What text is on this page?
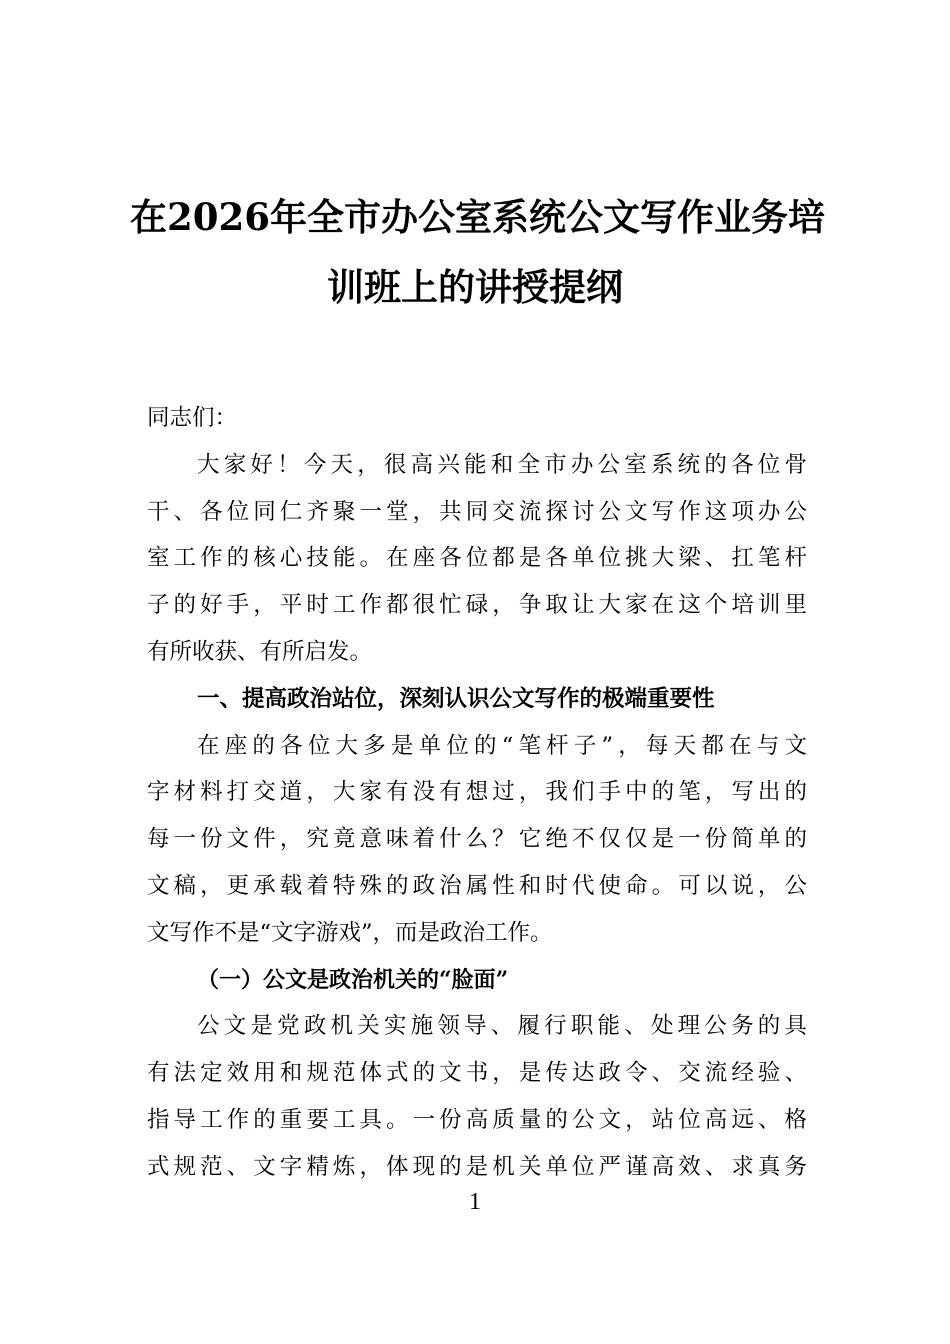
在2026年全市办公室系统公文写作业务培
训班上的讲授提纲
同志们：
大家好！今天，很高兴能和全市办公室系统的各位骨
干、各位同仁齐聚一堂，共同交流探讨公文写作这项办公
室工作的核心技能。在座各位都是各单位挑大梁、扛笔杆
子的好手，平时工作都很忙碌，争取让大家在这个培训里
有所收获、有所启发。
一、提高政治站位，深刻认识公文写作的极端重要性
在座的各位大多是单位的“笔杆子”，每天都在与文
字材料打交道，大家有没有想过，我们手中的笔，写出的
每一份文件，究竟意味着什么？它绝不仅仅是一份简单的
文稿，更承载着特殊的政治属性和时代使命。可以说，公
文写作不是“文字游戏”，而是政治工作。
（一）公文是政治机关的“脸面”
公文是党政机关实施领导、履行职能、处理公务的具
有法定效用和规范体式的文书，是传达政令、交流经验、
指导工作的重要工具。一份高质量的公文，站位高远、格
式规范、文字精炼，体现的是机关单位严谨高效、求真务
1
